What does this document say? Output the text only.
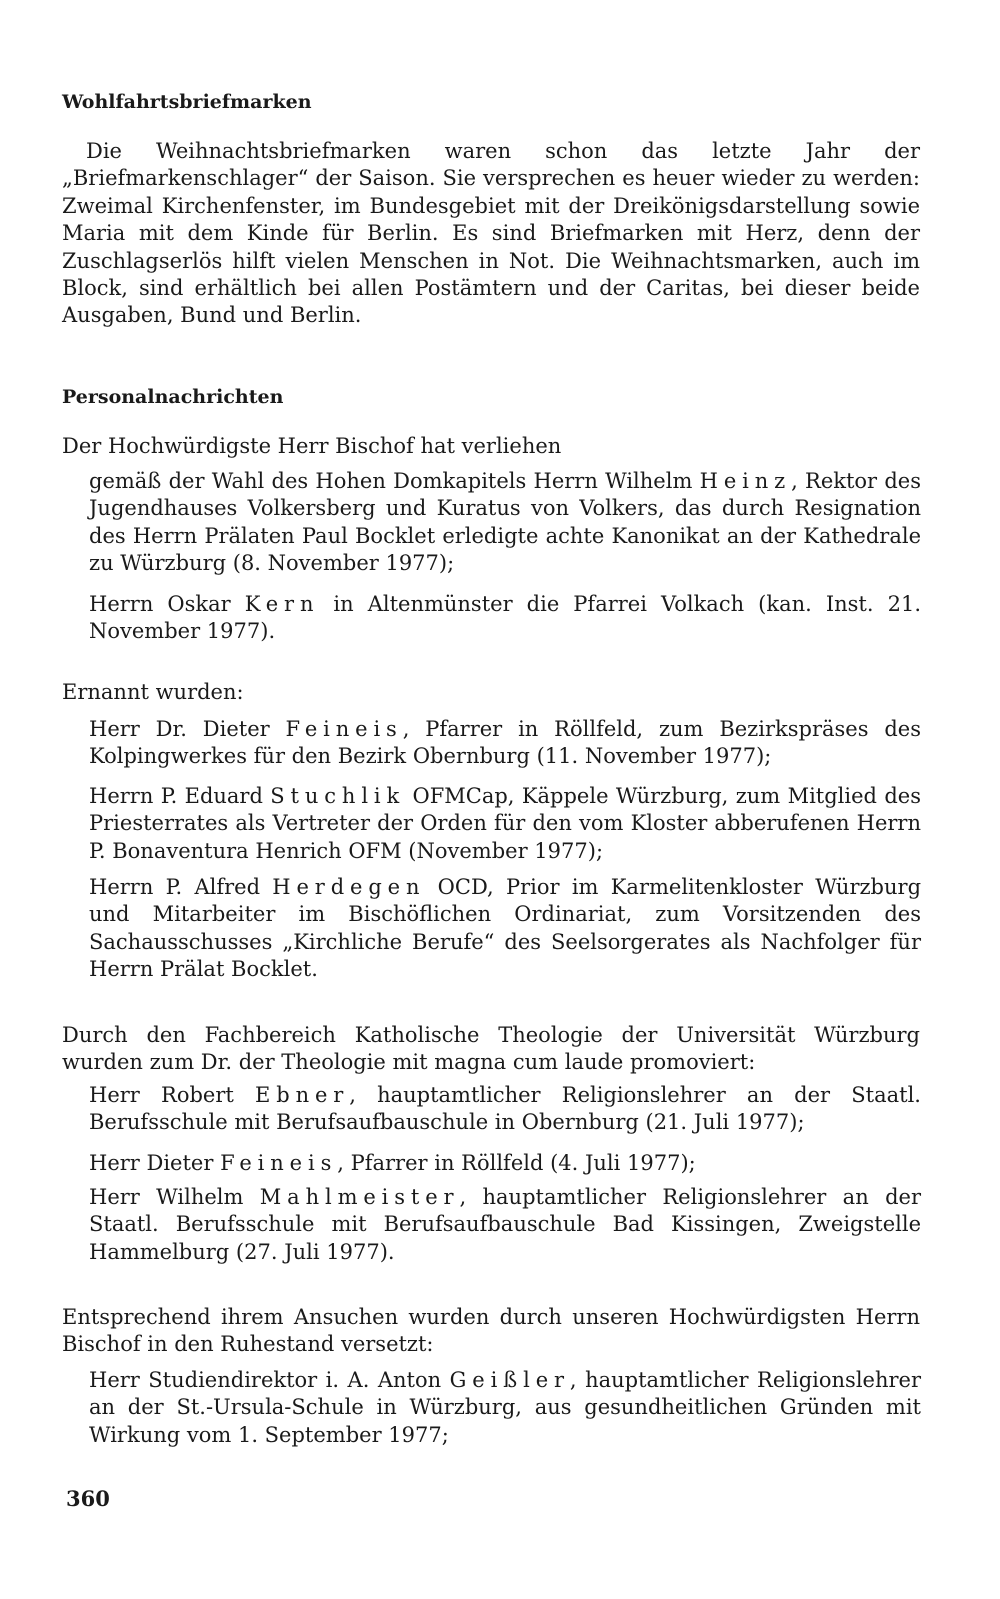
Wohlfahrtsbriefmarken

Die Weihnachtsbriefmarken waren schon das letzte Jahr der „Briefmarkenschlager“ der Saison. Sie versprechen es heuer wieder zu werden: Zweimal Kirchenfenster, im Bundesgebiet mit der Dreikönigsdarstellung sowie Maria mit dem Kinde für Berlin. Es sind Briefmarken mit Herz, denn der Zuschlagserlös hilft vielen Menschen in Not. Die Weihnachtsmarken, auch im Block, sind erhältlich bei allen Postämtern und der Caritas, bei dieser beide Ausgaben, Bund und Berlin.

Personalnachrichten

Der Hochwürdigste Herr Bischof hat verliehen

gemäß der Wahl des Hohen Domkapitels Herrn Wilhelm Heinz, Rektor des Jugendhauses Volkersberg und Kuratus von Volkers, das durch Resignation des Herrn Prälaten Paul Bocklet erledigte achte Kanonikat an der Kathedrale zu Würzburg (8. November 1977);

Herrn Oskar Kern in Altenmünster die Pfarrei Volkach (kan. Inst. 21. November 1977).

Ernannt wurden:

Herr Dr. Dieter Feineis, Pfarrer in Röllfeld, zum Bezirkspräses des Kolpingwerkes für den Bezirk Obernburg (11. November 1977);

Herrn P. Eduard Stuchlik OFMCap, Käppele Würzburg, zum Mitglied des Priesterrates als Vertreter der Orden für den vom Kloster abberufenen Herrn P. Bonaventura Henrich OFM (November 1977);

Herrn P. Alfred Herdegen OCD, Prior im Karmelitenkloster Würzburg und Mitarbeiter im Bischöflichen Ordinariat, zum Vorsitzenden des Sachausschusses „Kirchliche Berufe“ des Seelsorgerates als Nachfolger für Herrn Prälat Bocklet.

Durch den Fachbereich Katholische Theologie der Universität Würzburg wurden zum Dr. der Theologie mit magna cum laude promoviert:

Herr Robert Ebner, hauptamtlicher Religionslehrer an der Staatl. Berufsschule mit Berufsaufbauschule in Obernburg (21. Juli 1977);

Herr Dieter Feineis, Pfarrer in Röllfeld (4. Juli 1977);

Herr Wilhelm Mahlmeister, hauptamtlicher Religionslehrer an der Staatl. Berufsschule mit Berufsaufbauschule Bad Kissingen, Zweigstelle Hammelburg (27. Juli 1977).

Entsprechend ihrem Ansuchen wurden durch unseren Hochwürdigsten Herrn Bischof in den Ruhestand versetzt:

Herr Studiendirektor i. A. Anton Geißler, hauptamtlicher Religionslehrer an der St.-Ursula-Schule in Würzburg, aus gesundheitlichen Gründen mit Wirkung vom 1. September 1977;

360
